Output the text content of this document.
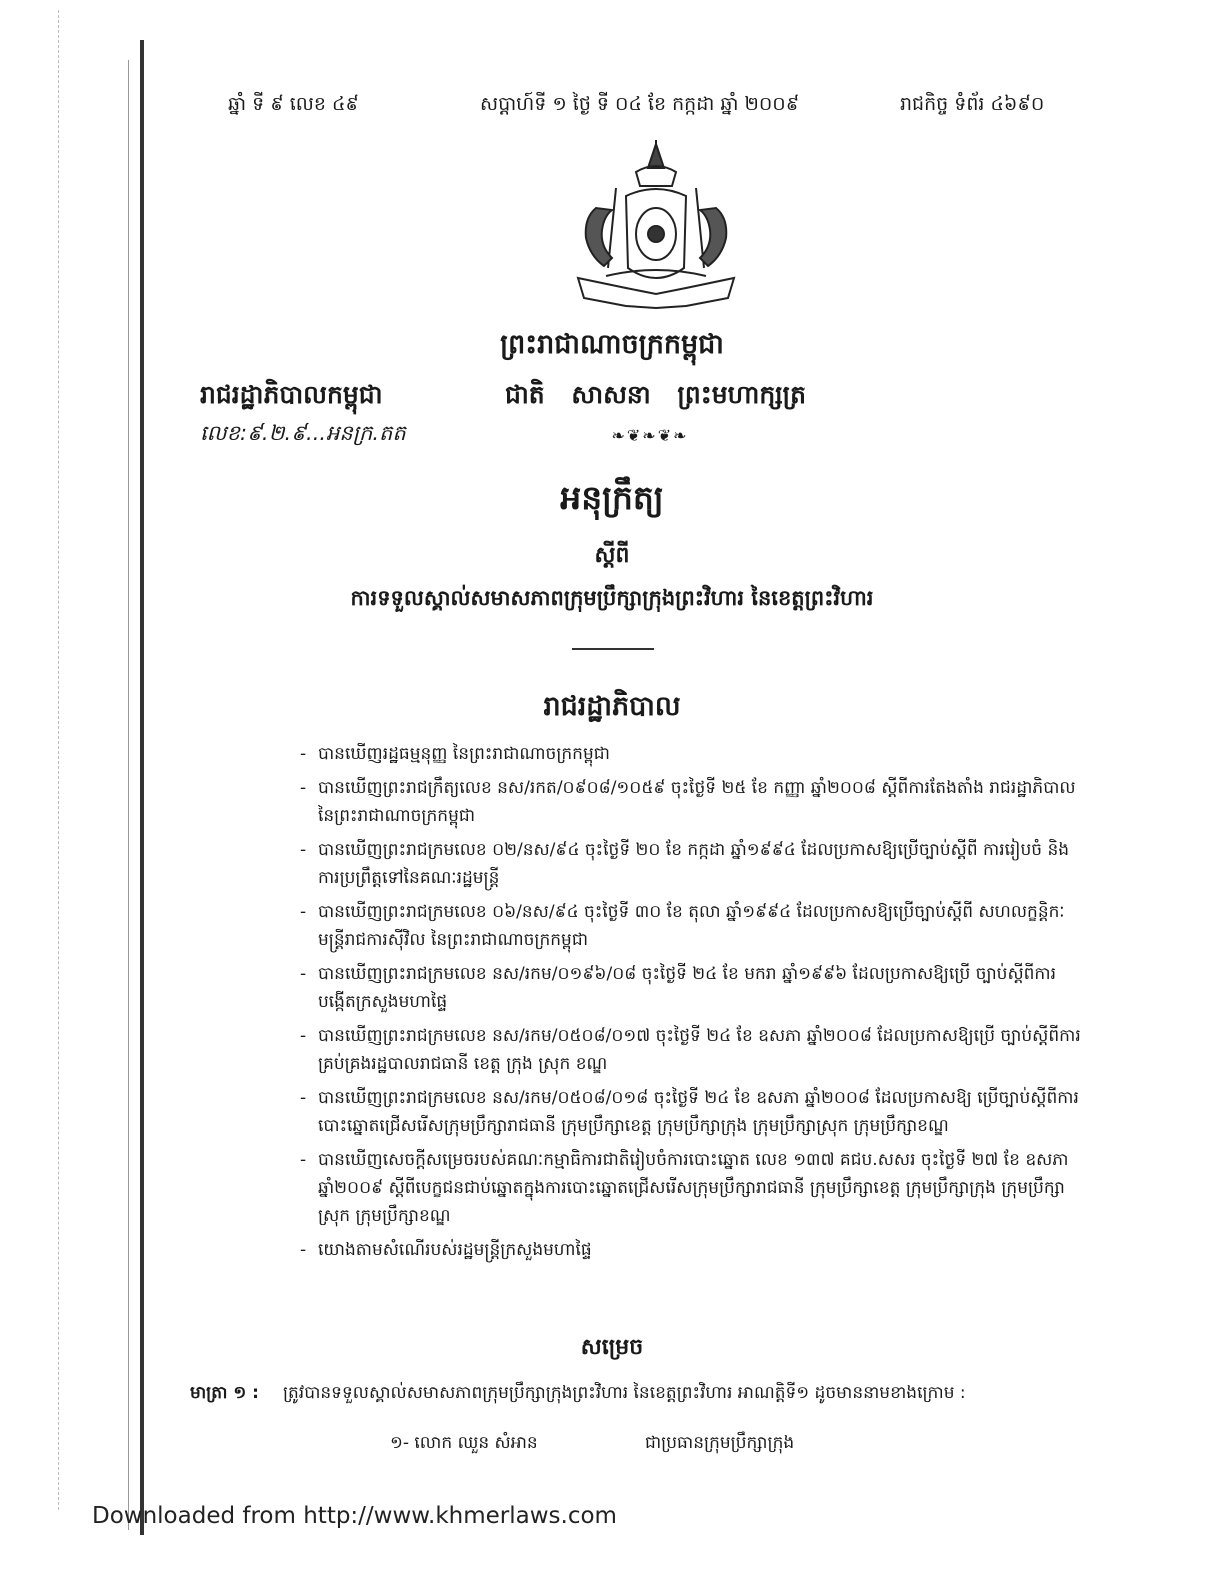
ឆ្នាំ ទី ៩ លេខ ៤៩	សប្តាហ៍ទី ១ ថ្ងៃ ទី ០៤ ខែ កក្កដា ឆ្នាំ ២០០៩	រាជកិច្ច ទំព័រ ៤៦៩០
ព្រះរាជាណាចក្រកម្ពុជា
រាជរដ្ឋាភិបាលកម្ពុជា	ជាតិ សាសនា ព្រះមហាក្សត្រ
លេខ:៩.២.៩...អនក្រ.តត	❧❦❧❦❧
អនុក្រឹត្យ
ស្តីពី
ការទទួលស្គាល់សមាសភាពក្រុមប្រឹក្សាក្រុងព្រះវិហារ នៃខេត្តព្រះវិហារ
រាជរដ្ឋាភិបាល
- បានឃើញរដ្ឋធម្មនុញ្ញ នៃព្រះរាជាណាចក្រកម្ពុជា
- បានឃើញព្រះរាជក្រឹត្យលេខ នស/រកត/០៩០៨/១០៥៩ ចុះថ្ងៃទី ២៥ ខែ កញ្ញា ឆ្នាំ២០០៨ ស្តីពីការតែងតាំង រាជរដ្ឋាភិបាល នៃព្រះរាជាណាចក្រកម្ពុជា
- បានឃើញព្រះរាជក្រមលេខ ០២/នស/៩៤ ចុះថ្ងៃទី ២០ ខែ កក្កដា ឆ្នាំ១៩៩៤ ដែលប្រកាសឱ្យប្រើច្បាប់ស្តីពី ការរៀបចំ និងការប្រព្រឹត្តទៅនៃគណៈរដ្ឋមន្ត្រី
- បានឃើញព្រះរាជក្រមលេខ ០៦/នស/៩៤ ចុះថ្ងៃទី ៣០ ខែ តុលា ឆ្នាំ១៩៩៤ ដែលប្រកាសឱ្យប្រើច្បាប់ស្តីពី សហលក្ខន្តិកៈមន្ត្រីរាជការស៊ីវិល នៃព្រះរាជាណាចក្រកម្ពុជា
- បានឃើញព្រះរាជក្រមលេខ នស/រកម/០១៩៦/០៨ ចុះថ្ងៃទី ២៤ ខែ មករា ឆ្នាំ១៩៩៦ ដែលប្រកាសឱ្យប្រើ ច្បាប់ស្តីពីការបង្កើតក្រសួងមហាផ្ទៃ
- បានឃើញព្រះរាជក្រមលេខ នស/រកម/០៥០៨/០១៧ ចុះថ្ងៃទី ២៤ ខែ ឧសភា ឆ្នាំ២០០៨ ដែលប្រកាសឱ្យប្រើ ច្បាប់ស្តីពីការគ្រប់គ្រងរដ្ឋបាលរាជធានី ខេត្ត ក្រុង ស្រុក ខណ្ឌ
- បានឃើញព្រះរាជក្រមលេខ នស/រកម/០៥០៨/០១៨ ចុះថ្ងៃទី ២៤ ខែ ឧសភា ឆ្នាំ២០០៨ ដែលប្រកាសឱ្យ ប្រើច្បាប់ស្តីពីការបោះឆ្នោតជ្រើសរើសក្រុមប្រឹក្សារាជធានី ក្រុមប្រឹក្សាខេត្ត ក្រុមប្រឹក្សាក្រុង ក្រុមប្រឹក្សាស្រុក ក្រុមប្រឹក្សាខណ្ឌ
- បានឃើញសេចក្តីសម្រេចរបស់គណៈកម្មាធិការជាតិរៀបចំការបោះឆ្នោត លេខ ១៣៧ គជប.សសរ ចុះថ្ងៃទី ២៧ ខែ ឧសភា ឆ្នាំ២០០៩ ស្តីពីបេក្ខជនជាប់ឆ្នោតក្នុងការបោះឆ្នោតជ្រើសរើសក្រុមប្រឹក្សារាជធានី ក្រុមប្រឹក្សាខេត្ត ក្រុមប្រឹក្សាក្រុង ក្រុមប្រឹក្សាស្រុក ក្រុមប្រឹក្សាខណ្ឌ
- យោងតាមសំណើរបស់រដ្ឋមន្ត្រីក្រសួងមហាផ្ទៃ
សម្រេច
មាត្រា ១ : ត្រូវបានទទួលស្គាល់សមាសភាពក្រុមប្រឹក្សាក្រុងព្រះវិហារ នៃខេត្តព្រះវិហារ អាណត្តិទី១ ដូចមាននាមខាងក្រោម :
១- លោក ឈួន សំអាន	ជាប្រធានក្រុមប្រឹក្សាក្រុង
Downloaded from http://www.khmerlaws.com
